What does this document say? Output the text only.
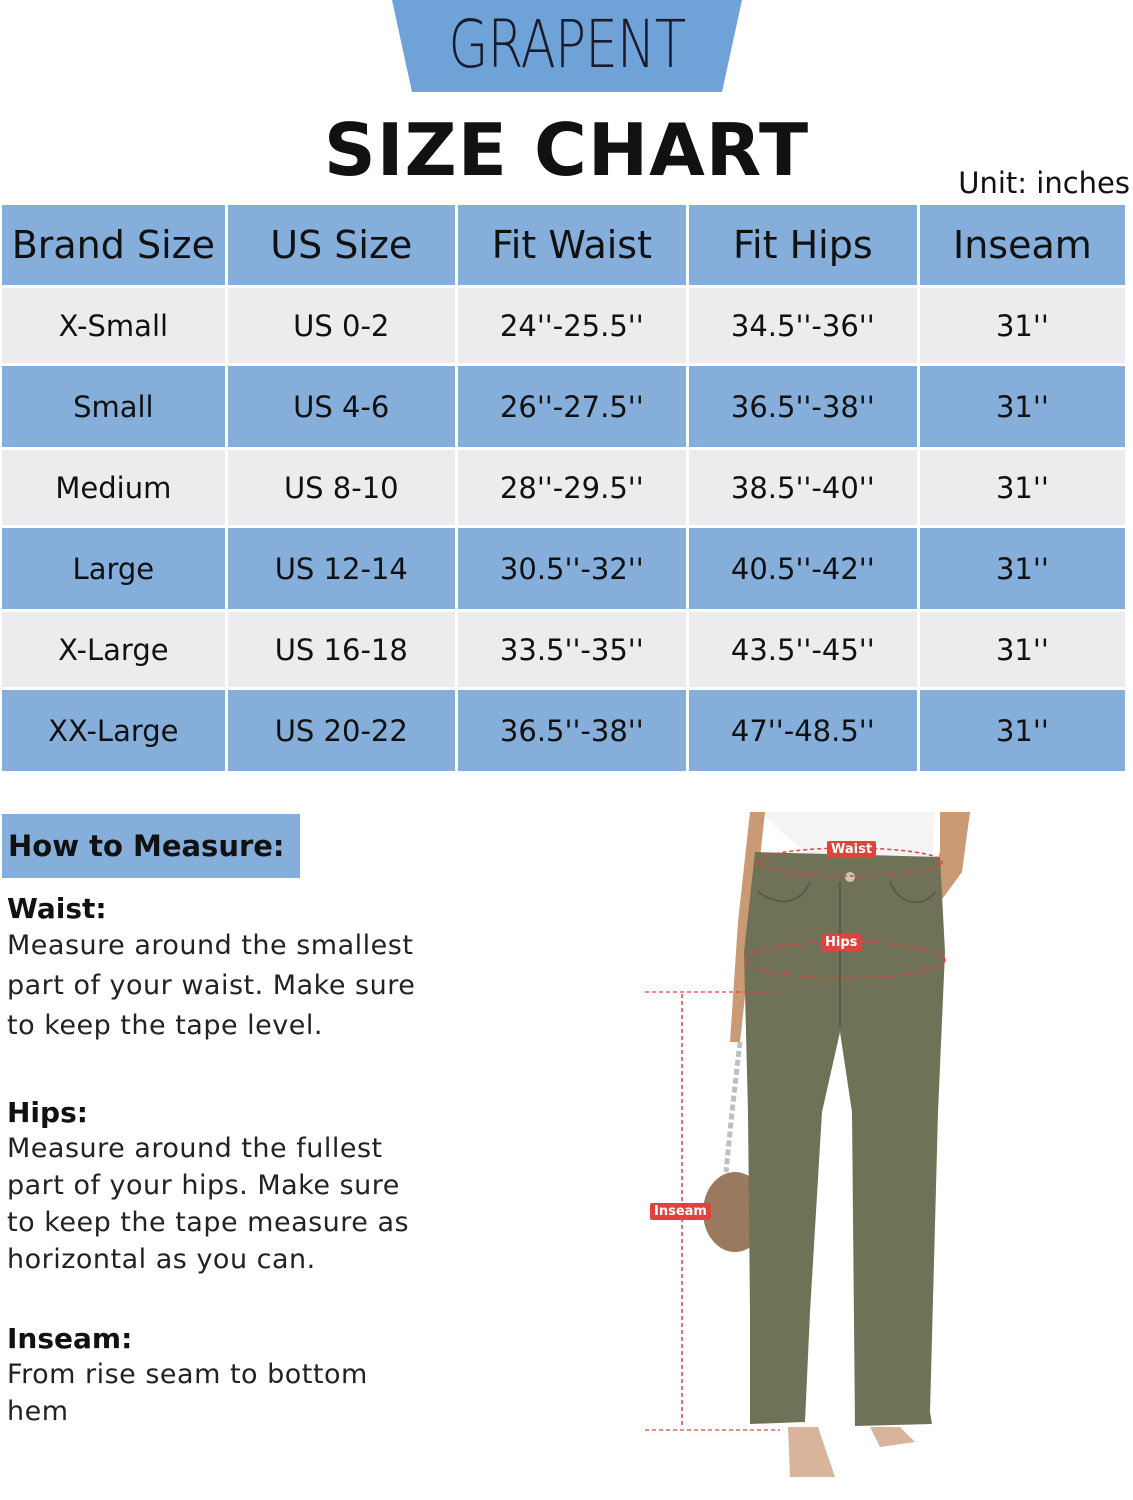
GRAPENT
SIZE CHART	Unit: inches
Brand Size	US Size	Fit Waist	Fit Hips	Inseam
X-Small	US 0-2	24''-25.5''	34.5''-36''	31''
Small	US 4-6	26''-27.5''	36.5''-38''	31''
Medium	US 8-10	28''-29.5''	38.5''-40''	31''
Large	US 12-14	30.5''-32''	40.5''-42''	31''
X-Large	US 16-18	33.5''-35''	43.5''-45''	31''
XX-Large	US 20-22	36.5''-38''	47''-48.5''	31''
How to Measure:
Waist:

Measure around the smallest

part of your waist. Make sure

to keep the tape level.

Hips:

Measure around the fullest

part of your hips. Make sure

to keep the tape measure as

horizontal as you can.

Inseam:

From rise seam to bottom

hem

Waist
Hips
Inseam
